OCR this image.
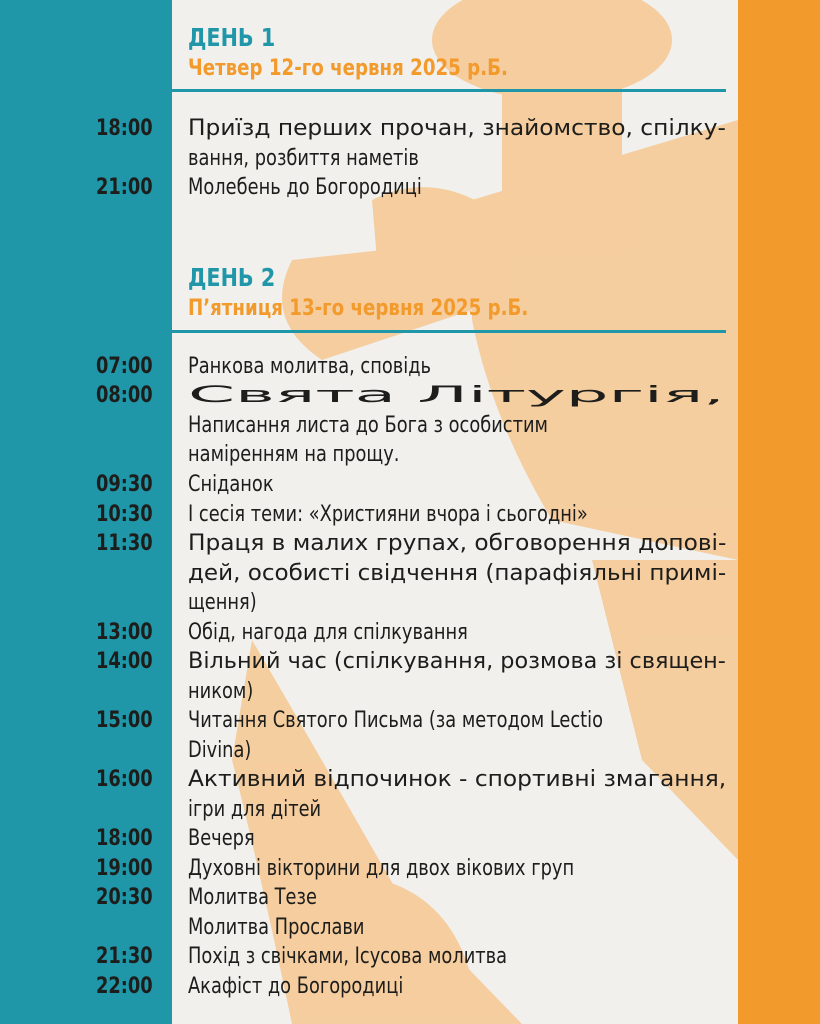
ДЕНЬ 1
Четвер 12-го червня 2025 р.Б.
18:00 Приїзд перших прочан, знайомство, спілку-
вання, розбиття наметів
21:00 Молебень до Богородиці
ДЕНЬ 2
П’ятниця 13-го червня 2025 р.Б.
07:00 Ранкова молитва, сповідь
08:00 Свята Літургія,
Написання листа до Бога з особистим
наміренням на прощу.
09:30 Сніданок
10:30 І сесія теми: «Християни вчора і сьогодні»
11:30 Праця в малих групах, обговорення допові-
дей, особисті свідчення (парафіяльні примі-
щення)
13:00 Обід, нагода для спілкування
14:00 Вільний час (спілкування, розмова зі священ-
ником)
15:00 Читання Святого Письма (за методом Lectio
Divina)
16:00 Активний відпочинок - спортивні змагання,
ігри для дітей
18:00 Вечеря
19:00 Духовні вікторини для двох вікових груп
20:30 Молитва Тезе
Молитва Прослави
21:30 Похід з свічками, Ісусова молитва
22:00 Акафіст до Богородиці
